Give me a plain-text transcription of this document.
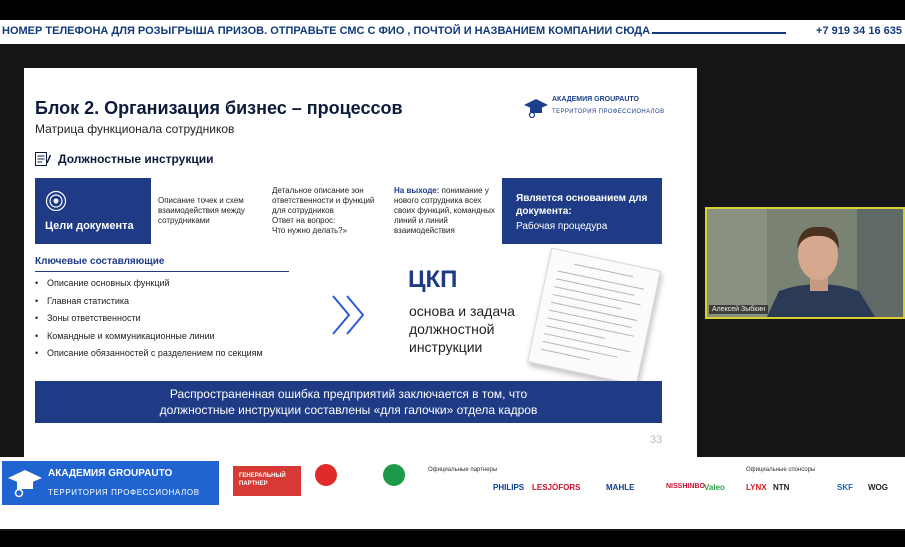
НОМЕР ТЕЛЕФОНА ДЛЯ РОЗЫГРЫША ПРИЗОВ. ОТПРАВЬТЕ СМС С ФИО , ПОЧТОЙ И НАЗВАНИЕМ КОМПАНИИ СЮДА	+7 919 34 16 635
Блок 2. Организация бизнес – процессов
Матрица функционала сотрудников
АКАДЕМИЯ GROUPAUTO
ТЕРРИТОРИЯ ПРОФЕССИОНАЛОВ
Должностные инструкции
Цели документа
Описание точек и схем взаимодействия между сотрудниками
Детальное описание зон ответственности и функций для сотрудников
Ответ на вопрос:
Что нужно делать?»
На выходе: понимание у нового сотрудника всех своих функций, командных линий и линий взаимодействия
Является основанием для документа:
Рабочая процедура
Ключевые составляющие
• Описание основных функций
• Главная статистика
• Зоны ответственности
• Командные и коммуникационные линии
• Описание обязанностей с разделением по секциям
ЦКП
основа и задача должностной инструкции
Распространенная ошибка предприятий заключается в том, что
должностные инструкции составлены «для галочки» отдела кадров
33
Алексей Зыбкин
АКАДЕМИЯ GROUPAUTO
ТЕРРИТОРИЯ ПРОФЕССИОНАЛОВ
ГЕНЕРАЛЬНЫЙ ПАРТНЕР
Официальные партнеры
PHILIPS LESJÖFORS	MAHLE	NISSHINBO Valeo
Официальные спонсоры
LYNX NTN	SKF WOG
